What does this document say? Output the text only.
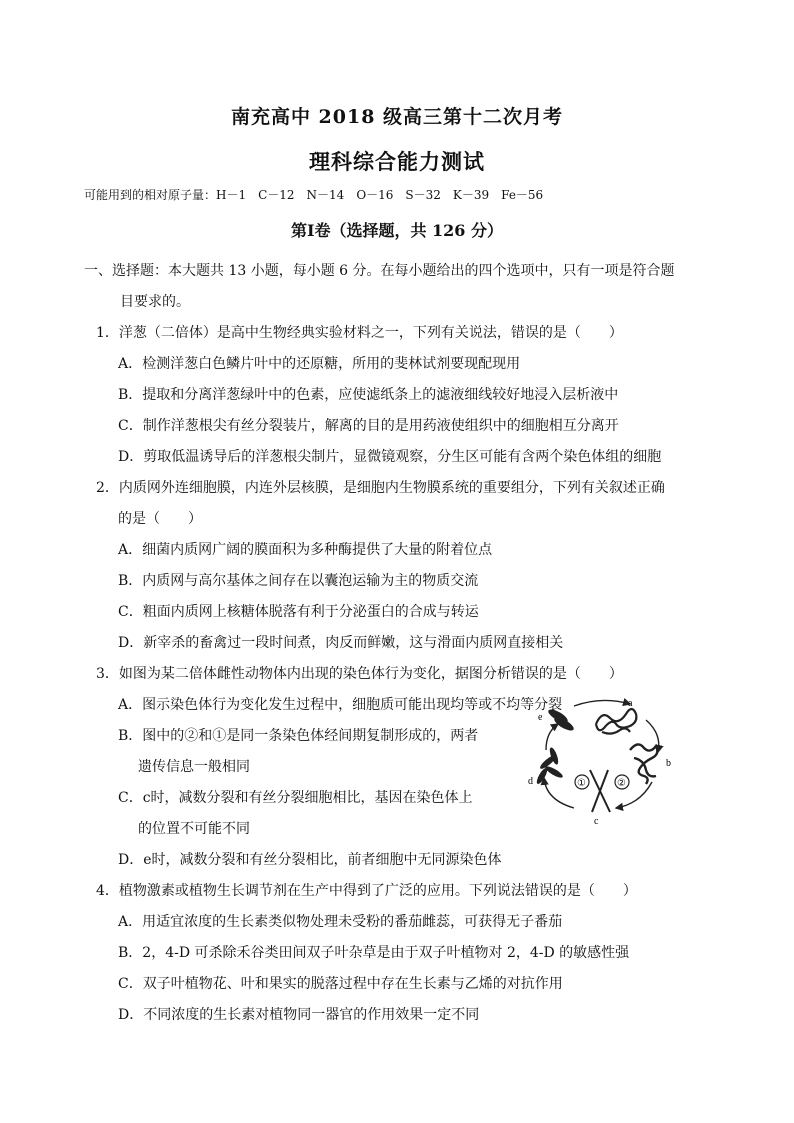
南充高中 2018 级高三第十二次月考
理科综合能力测试
可能用到的相对原子量：H－1　C－12　N－14　O－16　S－32　K－39　Fe－56
第Ⅰ卷（选择题，共 126 分）
一、选择题：本大题共 13 小题，每小题 6 分。在每小题给出的四个选项中，只有一项是符合题
目要求的。
1．洋葱（二倍体）是高中生物经典实验材料之一，下列有关说法，错误的是（　　）
A．检测洋葱白色鳞片叶中的还原糖，所用的斐林试剂要现配现用
B．提取和分离洋葱绿叶中的色素，应使滤纸条上的滤液细线较好地浸入层析液中
C．制作洋葱根尖有丝分裂装片，解离的目的是用药液使组织中的细胞相互分离开
D．剪取低温诱导后的洋葱根尖制片，显微镜观察，分生区可能有含两个染色体组的细胞
2．内质网外连细胞膜，内连外层核膜，是细胞内生物膜系统的重要组分，下列有关叙述正确
的是（　　）
A．细菌内质网广阔的膜面积为多种酶提供了大量的附着位点
B．内质网与高尔基体之间存在以囊泡运输为主的物质交流
C．粗面内质网上核糖体脱落有利于分泌蛋白的合成与转运
D．新宰杀的畜禽过一段时间煮，肉反而鲜嫩，这与滑面内质网直接相关
3．如图为某二倍体雌性动物体内出现的染色体行为变化，据图分析错误的是（　　）
A．图示染色体行为变化发生过程中，细胞质可能出现均等或不均等分裂
B．图中的②和①是同一条染色体经间期复制形成的，两者
遗传信息一般相同
C．c时，减数分裂和有丝分裂细胞相比，基因在染色体上
的位置不可能不同
D．e时，减数分裂和有丝分裂相比，前者细胞中无同源染色体
a
b
c
d
e
①	②
4．植物激素或植物生长调节剂在生产中得到了广泛的应用。下列说法错误的是（　　）
A．用适宜浓度的生长素类似物处理未受粉的番茄雌蕊，可获得无子番茄
B．2，4-D 可杀除禾谷类田间双子叶杂草是由于双子叶植物对 2，4-D 的敏感性强
C．双子叶植物花、叶和果实的脱落过程中存在生长素与乙烯的对抗作用
D．不同浓度的生长素对植物同一器官的作用效果一定不同
